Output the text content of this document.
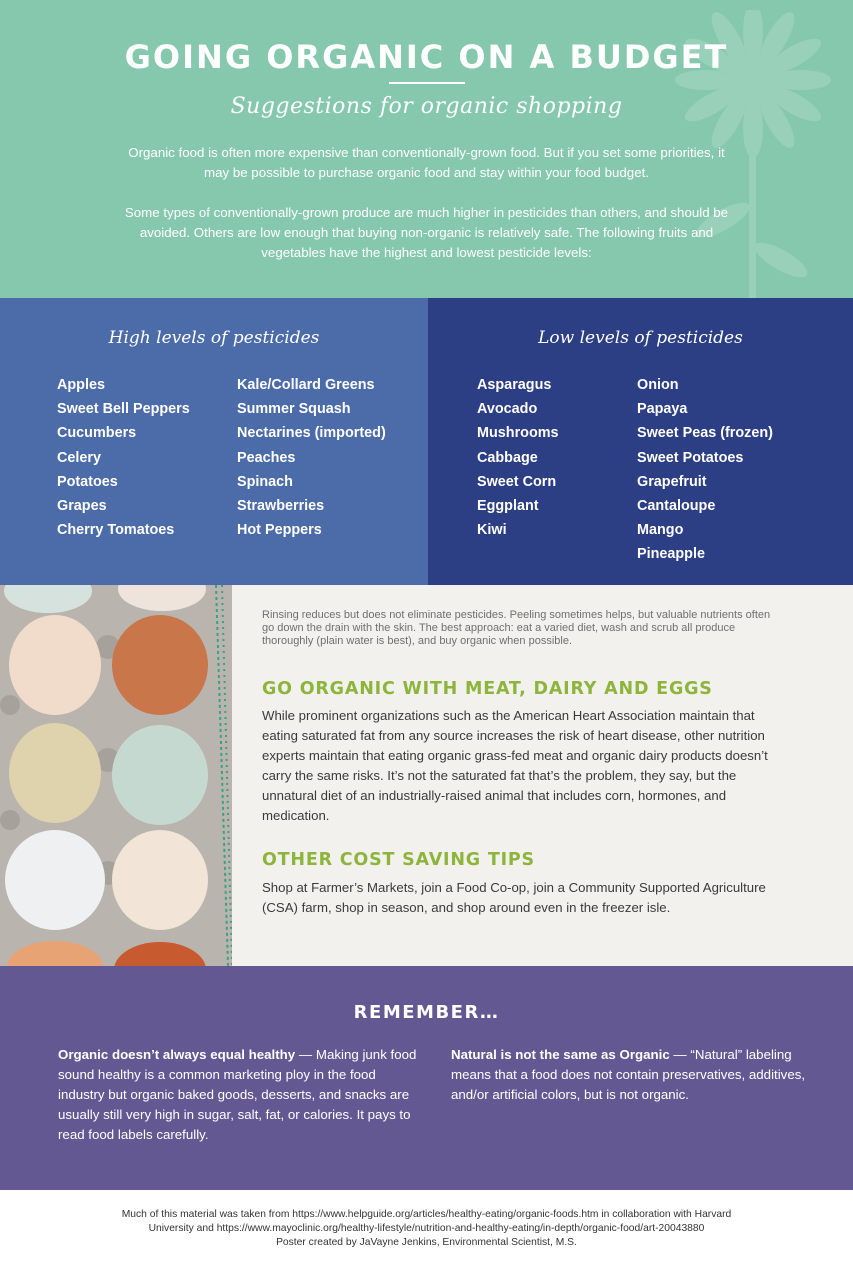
GOING ORGANIC ON A BUDGET
Suggestions for organic shopping
Organic food is often more expensive than conventionally-grown food. But if you set some priorities, it may be possible to purchase organic food and stay within your food budget.
Some types of conventionally-grown produce are much higher in pesticides than others, and should be avoided. Others are low enough that buying non-organic is relatively safe. The following fruits and vegetables have the highest and lowest pesticide levels:
High levels of pesticides
Apples
Sweet Bell Peppers
Cucumbers
Celery
Potatoes
Grapes
Cherry Tomatoes
Kale/Collard Greens
Summer Squash
Nectarines (imported)
Peaches
Spinach
Strawberries
Hot Peppers
Low levels of pesticides
Asparagus
Avocado
Mushrooms
Cabbage
Sweet Corn
Eggplant
Kiwi
Onion
Papaya
Sweet Peas (frozen)
Sweet Potatoes
Grapefruit
Cantaloupe
Mango
Pineapple
Rinsing reduces but does not eliminate pesticides. Peeling sometimes helps, but valuable nutrients often go down the drain with the skin. The best approach: eat a varied diet, wash and scrub all produce thoroughly (plain water is best), and buy organic when possible.
GO ORGANIC WITH MEAT, DAIRY AND EGGS
While prominent organizations such as the American Heart Association maintain that eating saturated fat from any source increases the risk of heart disease, other nutrition experts maintain that eating organic grass-fed meat and organic dairy products doesn’t carry the same risks. It’s not the saturated fat that’s the problem, they say, but the unnatural diet of an industrially-raised animal that includes corn, hormones, and medication.
OTHER COST SAVING TIPS
Shop at Farmer’s Markets, join a Food Co-op, join a Community Supported Agriculture (CSA) farm, shop in season, and shop around even in the freezer isle.
REMEMBER…
Organic doesn’t always equal healthy — Making junk food sound healthy is a common marketing ploy in the food industry but organic baked goods, desserts, and snacks are usually still very high in sugar, salt, fat, or calories. It pays to read food labels carefully.
Natural is not the same as Organic — “Natural” labeling means that a food does not contain preservatives, additives, and/or artificial colors, but is not organic.
Much of this material was taken from https://www.helpguide.org/articles/healthy-eating/organic-foods.htm in collaboration with Harvard
University and https://www.mayoclinic.org/healthy-lifestyle/nutrition-and-healthy-eating/in-depth/organic-food/art-20043880
Poster created by JaVayne Jenkins, Environmental Scientist, M.S.
